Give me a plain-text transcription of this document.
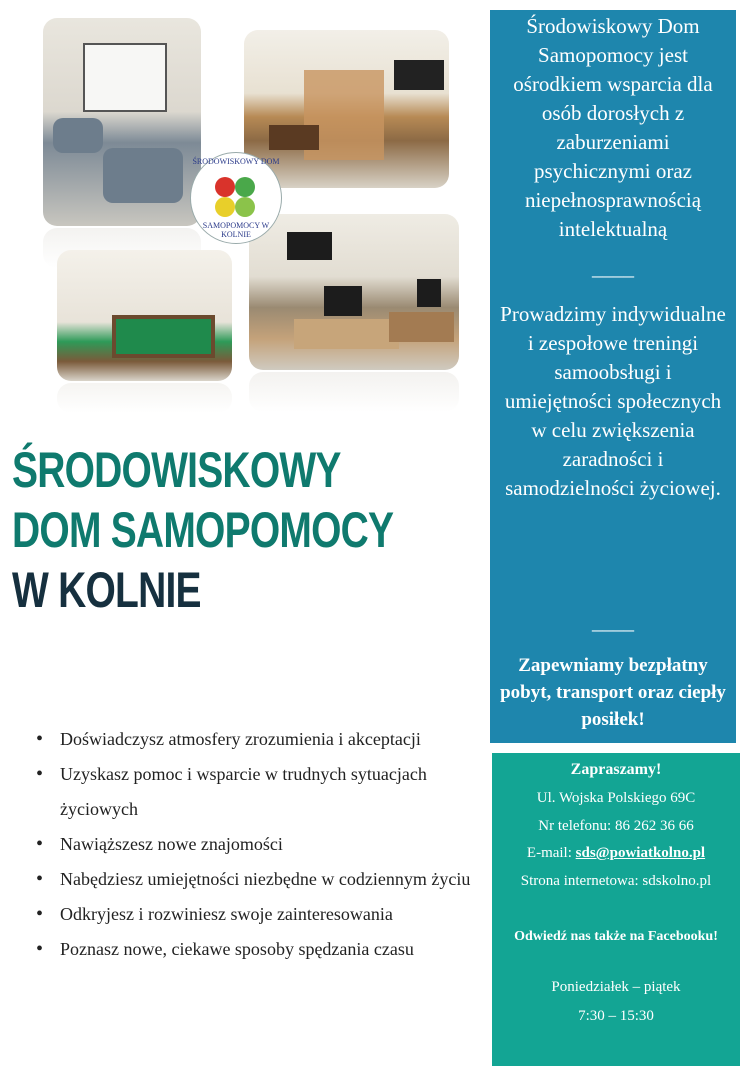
ŚRODOWISKOWY DOM
SAMOPOMOCY W KOLNIE
ŚRODOWISKOWY
DOM SAMOPOMOCY
W KOLNIE
Środowiskowy Dom Samopomocy jest ośrodkiem wsparcia dla osób dorosłych z zaburzeniami psychicznymi oraz niepełnosprawnością intelektualną
____
Prowadzimy indywidualne i zespołowe treningi samoobsługi i umiejętności społecznych w celu zwiększenia zaradności i samodzielności życiowej.
____
Zapewniamy bezpłatny pobyt, transport oraz ciepły posiłek!
Zapraszamy!
Ul. Wojska Polskiego 69C
Nr telefonu: 86 262 36 66
E-mail: sds@powiatkolno.pl
Strona internetowa: sdskolno.pl
Odwiedź nas także na Facebooku!
Poniedziałek – piątek
7:30 – 15:30
• Doświadczysz atmosfery zrozumienia i akceptacji
• Uzyskasz pomoc i wsparcie w trudnych sytuacjach życiowych
• Nawiąższesz nowe znajomości
• Nabędziesz umiejętności niezbędne w codziennym życiu
• Odkryjesz i rozwiniesz swoje zainteresowania
• Poznasz nowe, ciekawe sposoby spędzania czasu
